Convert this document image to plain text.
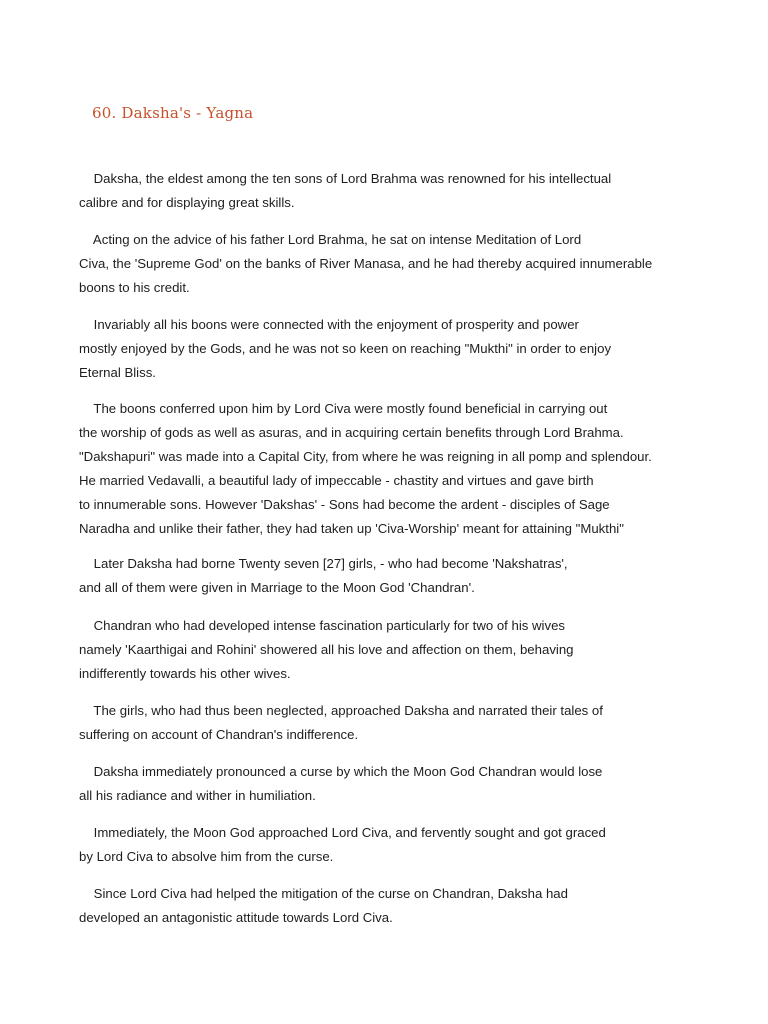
60. Daksha's - Yagna
Daksha, the eldest among the ten sons of Lord Brahma was renowned for his intellectual
calibre and for displaying great skills.
Acting on the advice of his father Lord Brahma, he sat on intense Meditation of Lord
Civa, the 'Supreme God' on the banks of River Manasa, and he had thereby acquired innumerable
boons to his credit.
Invariably all his boons were connected with the enjoyment of prosperity and power
mostly enjoyed by the Gods, and he was not so keen on reaching "Mukthi" in order to enjoy
Eternal Bliss.
The boons conferred upon him by Lord Civa were mostly found beneficial in carrying out
the worship of gods as well as asuras, and in acquiring certain benefits through Lord Brahma.
"Dakshapuri" was made into a Capital City, from where he was reigning in all pomp and splendour.
He married Vedavalli, a beautiful lady of impeccable - chastity and virtues and gave birth
to innumerable sons. However 'Dakshas' - Sons had become the ardent - disciples of Sage
Naradha and unlike their father, they had taken up 'Civa-Worship' meant for attaining "Mukthi"
Later Daksha had borne Twenty seven [27] girls, - who had become 'Nakshatras',
and all of them were given in Marriage to the Moon God 'Chandran'.
Chandran who had developed intense fascination particularly for two of his wives
namely 'Kaarthigai and Rohini' showered all his love and affection on them, behaving
indifferently towards his other wives.
The girls, who had thus been neglected, approached Daksha and narrated their tales of
suffering on account of Chandran's indifference.
Daksha immediately pronounced a curse by which the Moon God Chandran would lose
all his radiance and wither in humiliation.
Immediately, the Moon God approached Lord Civa, and fervently sought and got graced
by Lord Civa to absolve him from the curse.
Since Lord Civa had helped the mitigation of the curse on Chandran, Daksha had
developed an antagonistic attitude towards Lord Civa.
